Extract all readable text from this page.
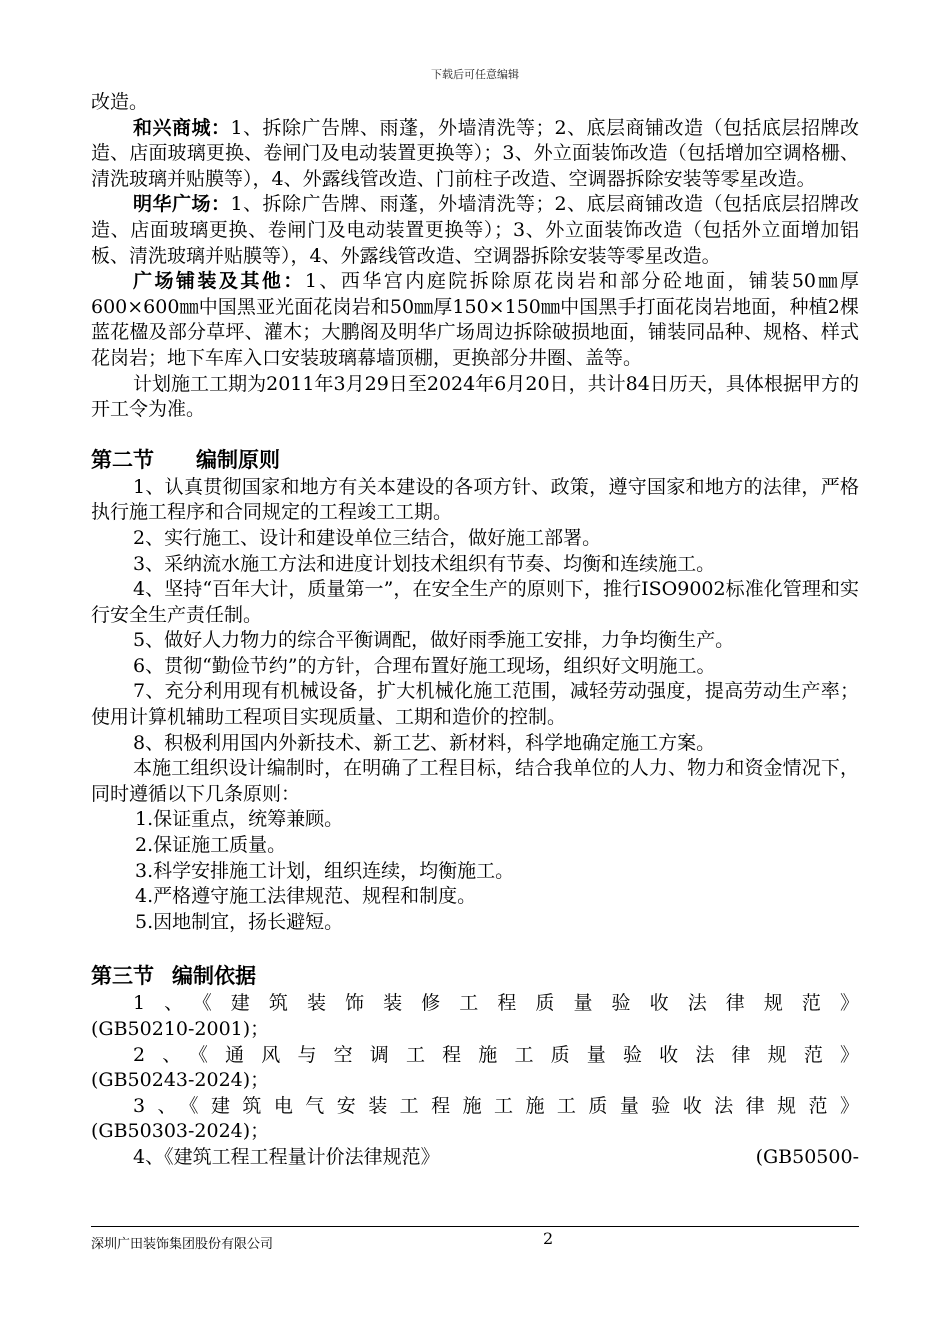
下载后可任意编辑

改造。

和兴商城：1、拆除广告牌、雨蓬，外墙清洗等；2、底层商铺改造（包括底层招牌改造、店面玻璃更换、卷闸门及电动装置更换等）；3、外立面装饰改造（包括增加空调格栅、清洗玻璃并贴膜等），4、外露线管改造、门前柱子改造、空调器拆除安装等零星改造。

明华广场：1、拆除广告牌、雨蓬，外墙清洗等；2、底层商铺改造（包括底层招牌改造、店面玻璃更换、卷闸门及电动装置更换等）；3、外立面装饰改造（包括外立面增加铝板、清洗玻璃并贴膜等），4、外露线管改造、空调器拆除安装等零星改造。

广场铺装及其他：1、西华宫内庭院拆除原花岗岩和部分砼地面，铺装50㎜厚600×600㎜中国黑亚光面花岗岩和50㎜厚150×150㎜中国黑手打面花岗岩地面，种植2棵蓝花楹及部分草坪、灌木；大鹏阁及明华广场周边拆除破损地面，铺装同品种、规格、样式花岗岩；地下车库入口安装玻璃幕墙顶棚，更换部分井圈、盖等。

计划施工工期为2011年3月29日至2024年6月20日，共计84日历天，具体根据甲方的开工令为准。

第二节 编制原则

1、认真贯彻国家和地方有关本建设的各项方针、政策，遵守国家和地方的法律，严格执行施工程序和合同规定的工程竣工工期。

2、实行施工、设计和建设单位三结合，做好施工部署。

3、采纳流水施工方法和进度计划技术组织有节奏、均衡和连续施工。

4、坚持“百年大计，质量第一”，在安全生产的原则下，推行ISO9002标准化管理和实行安全生产责任制。

5、做好人力物力的综合平衡调配，做好雨季施工安排，力争均衡生产。

6、贯彻“勤俭节约”的方针，合理布置好施工现场，组织好文明施工。

7、充分利用现有机械设备，扩大机械化施工范围，减轻劳动强度，提高劳动生产率；使用计算机辅助工程项目实现质量、工期和造价的控制。

8、积极利用国内外新技术、新工艺、新材料，科学地确定施工方案。

本施工组织设计编制时，在明确了工程目标，结合我单位的人力、物力和资金情况下，同时遵循以下几条原则：

1.保证重点，统筹兼顾。

2.保证施工质量。

3.科学安排施工计划，组织连续，均衡施工。

4.严格遵守施工法律规范、规程和制度。

5.因地制宜，扬长避短。

第三节 编制依据

1、《建筑装饰装修工程质量验收法律规范》

(GB50210-2001)；

2、《通风与空调工程施工质量验收法律规范》

(GB50243-2024)；

3、《建筑电气安装工程施工施工质量验收法律规范》

(GB50303-2024)；

4、《建筑工程工程量计价法律规范》	(GB50500-

深圳广田装饰集团股份有限公司	2
